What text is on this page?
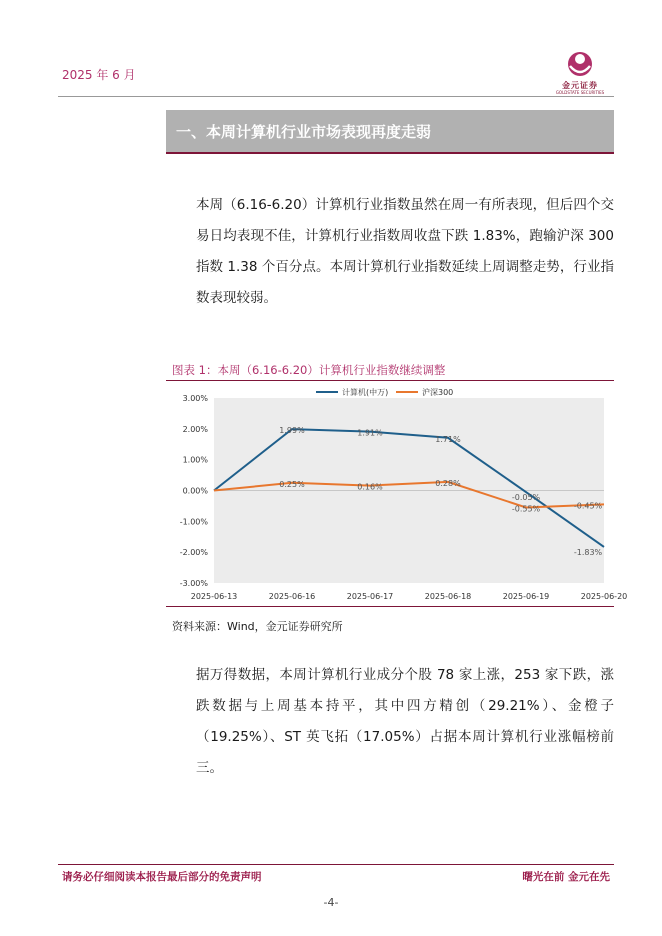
2025 年 6 月
金元证券
GOLDSTATE SECURITIES
一、本周计算机行业市场表现再度走弱

本周（6.16-6.20）计算机行业指数虽然在周一有所表现，但后四个交易日均表现不佳，计算机行业指数周收盘下跌 1.83%，跑输沪深 300 指数 1.38 个百分点。本周计算机行业指数延续上周调整走势，行业指数表现较弱。

图表 1：本周（6.16-6.20）计算机行业指数继续调整
3.00%
2.00%
1.00%
0.00%
-1.00%
-2.00%
-3.00%
2025-06-13	2025-06-16	2025-06-17	2025-06-18	2025-06-19	2025-06-20
1.99%	1.91%
1.71%
-0.05%
-1.83%
0.25%	0.16%	0.28%
-0.55%	-0.45%
计算机(中万)	沪深300
资料来源：Wind，金元证券研究所

据万得数据，本周计算机行业成分个股 78 家上涨，253 家下跌，涨跌数据与上周基本持平，其中四方精创（29.21%）、金橙子（19.25%）、ST 英飞拓（17.05%）占据本周计算机行业涨幅榜前三。

请务必仔细阅读本报告最后部分的免责声明	曙光在前 金元在先
-4-
